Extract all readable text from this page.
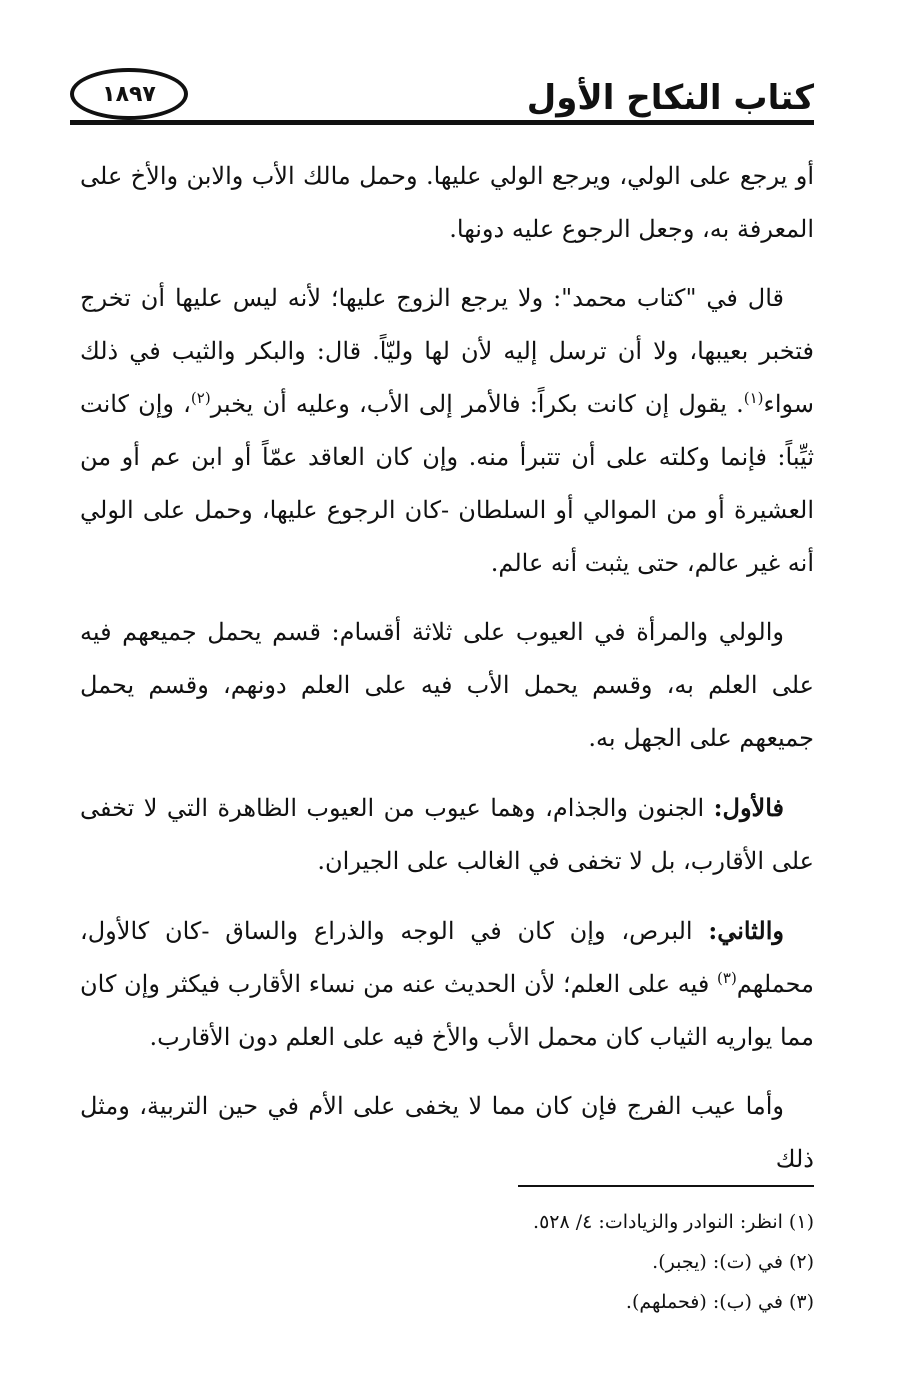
١٨٩٧	كتاب النكاح الأول

أو يرجع على الولي، ويرجع الولي عليها. وحمل مالك الأب والابن والأخ على المعرفة به، وجعل الرجوع عليه دونها.

قال في "كتاب محمد": ولا يرجع الزوج عليها؛ لأنه ليس عليها أن تخرج فتخبر بعيبها، ولا أن ترسل إليه لأن لها وليّاً. قال: والبكر والثيب في ذلك سواء$^{(١)}$. يقول إن كانت بكراً: فالأمر إلى الأب، وعليه أن يخبر$^{(٢)}$، وإن كانت ثيِّباً: فإنما وكلته على أن تتبرأ منه. وإن كان العاقد عمّاً أو ابن عم أو من العشيرة أو من الموالي أو السلطان -كان الرجوع عليها، وحمل على الولي أنه غير عالم، حتى يثبت أنه عالم.

والولي والمرأة في العيوب على ثلاثة أقسام: قسم يحمل جميعهم فيه على العلم به، وقسم يحمل الأب فيه على العلم دونهم، وقسم يحمل جميعهم على الجهل به.

فالأول: الجنون والجذام، وهما عيوب من العيوب الظاهرة التي لا تخفى على الأقارب، بل لا تخفى في الغالب على الجيران.

والثاني: البرص، وإن كان في الوجه والذراع والساق -كان كالأول، محملهم$^{(٣)}$ فيه على العلم؛ لأن الحديث عنه من نساء الأقارب فيكثر وإن كان مما يواريه الثياب كان محمل الأب والأخ فيه على العلم دون الأقارب.

وأما عيب الفرج فإن كان مما لا يخفى على الأم في حين التربية، ومثل ذلك

(١) انظر: النوادر والزيادات: ٤/ ٥٢٨.
(٢) في (ت): (يجبر).
(٣) في (ب): (فحملهم).
